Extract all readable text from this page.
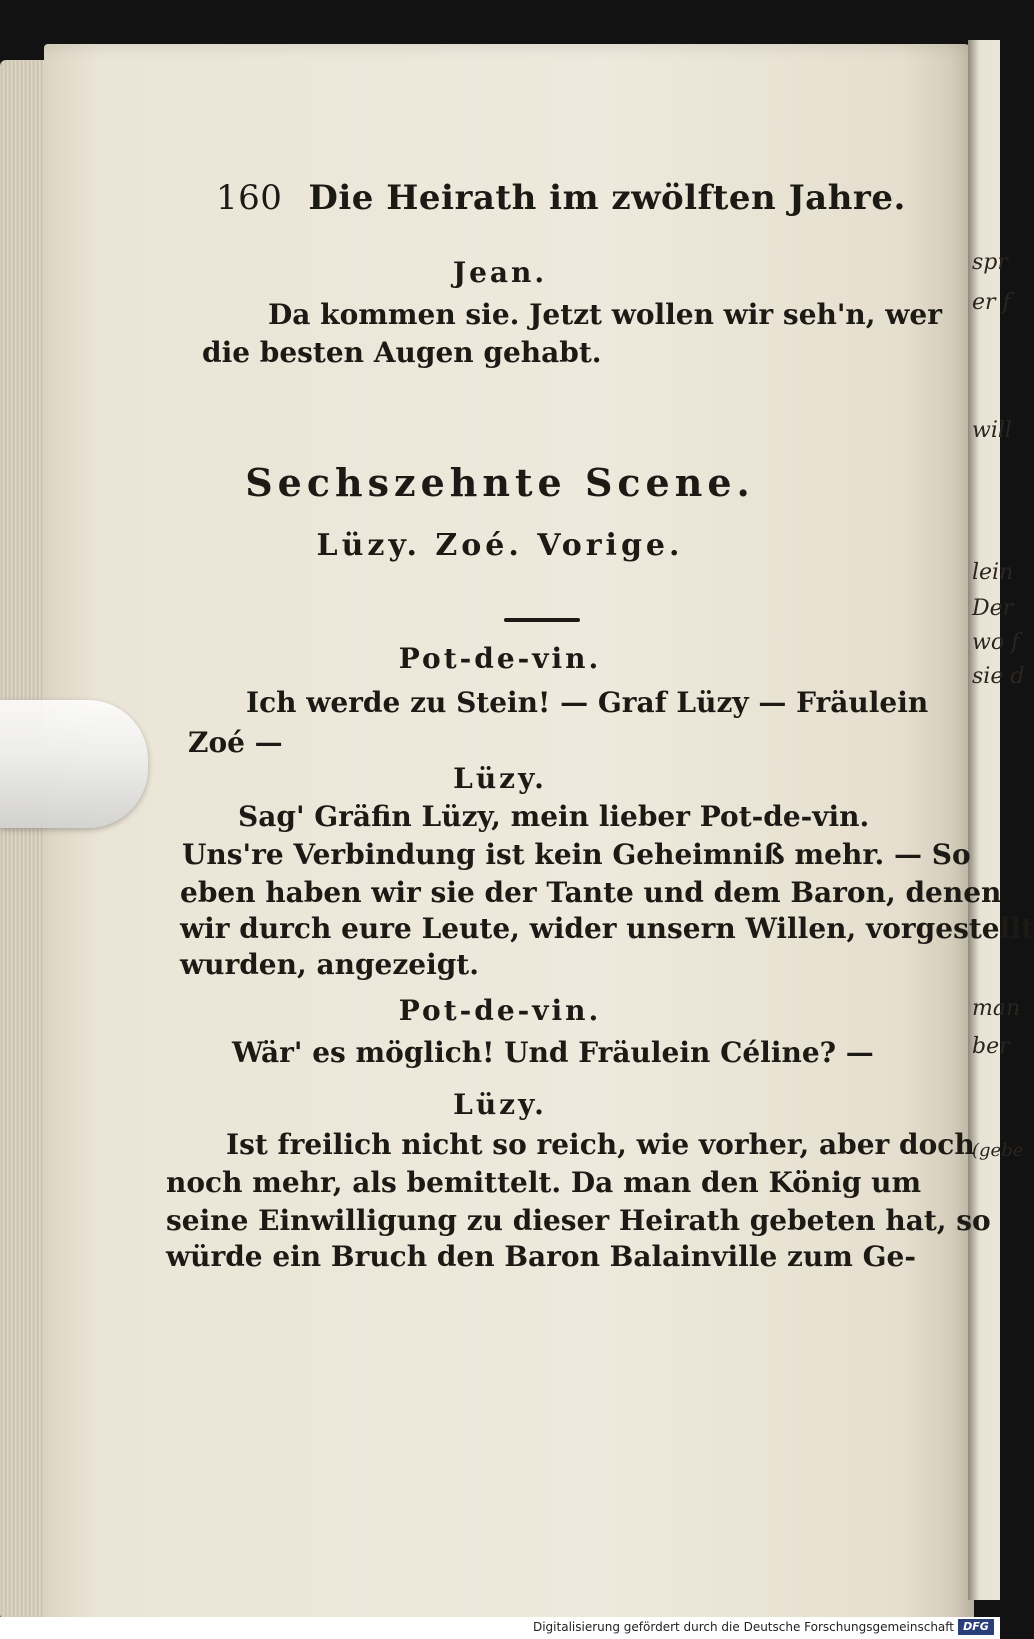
spr
er f
will
lein
Der
wo f
sie d
man
ber
(gebe
160 Die Heirath im zwölften Jahre.
Jean.
Da kommen sie. Jetzt wollen wir seh'n, wer
die besten Augen gehabt.
Sechszehnte Scene.
Lüzy. Zoé. Vorige.
Pot-de-vin.
Ich werde zu Stein! — Graf Lüzy — Fräulein
Zoé —
Lüzy.
Sag' Gräfin Lüzy, mein lieber Pot-de-vin.
Uns're Verbindung ist kein Geheimniß mehr. — So
eben haben wir sie der Tante und dem Baron, denen
wir durch eure Leute, wider unsern Willen, vorgestellt
wurden, angezeigt.
Pot-de-vin.
Wär' es möglich! Und Fräulein Céline? —
Lüzy.
Ist freilich nicht so reich, wie vorher, aber doch
noch mehr, als bemittelt. Da man den König um
seine Einwilligung zu dieser Heirath gebeten hat, so
würde ein Bruch den Baron Balainville zum Ge-
Digitalisierung gefördert durch die Deutsche Forschungsgemeinschaft DFG
